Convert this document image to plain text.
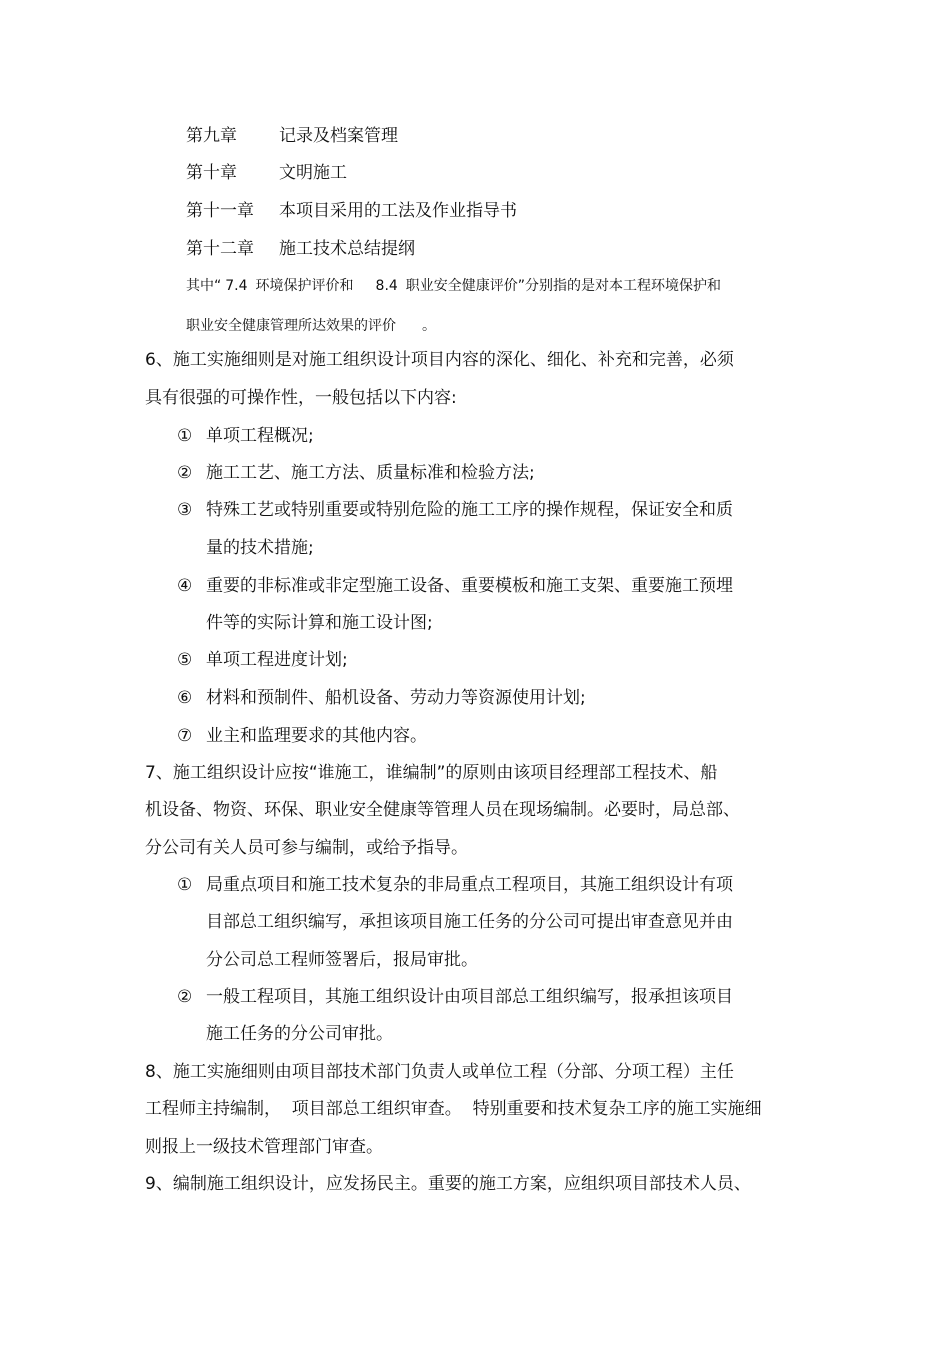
第九章 记录及档案管理
第十章 文明施工
第十一章 本项目采用的工法及作业指导书
第十二章 施工技术总结提纲
其中“ 7.4 环境保护评价和 8.4 职业安全健康评价”分别指的是对本工程环境保护和
职业安全健康管理所达效果的评价 。
6、施工实施细则是对施工组织设计项目内容的深化、细化、补充和完善，必须
具有很强的可操作性，一般包括以下内容:
① 单项工程概况;
② 施工工艺、施工方法、质量标准和检验方法;
③ 特殊工艺或特别重要或特别危险的施工工序的操作规程，保证安全和质
量的技术措施;
④ 重要的非标准或非定型施工设备、重要模板和施工支架、重要施工预埋
件等的实际计算和施工设计图;
⑤ 单项工程进度计划;
⑥ 材料和预制件、船机设备、劳动力等资源使用计划;
⑦ 业主和监理要求的其他内容。
7、施工组织设计应按“谁施工，谁编制”的原则由该项目经理部工程技术、船
机设备、物资、环保、职业安全健康等管理人员在现场编制。必要时，局总部、
分公司有关人员可参与编制，或给予指导。
① 局重点项目和施工技术复杂的非局重点工程项目，其施工组织设计有项
目部总工组织编写，承担该项目施工任务的分公司可提出审查意见并由
分公司总工程师签署后，报局审批。
② 一般工程项目，其施工组织设计由项目部总工组织编写，报承担该项目
施工任务的分公司审批。
8、施工实施细则由项目部技术部门负责人或单位工程（分部、分项工程）主任
工程师主持编制，  项目部总工组织审查。  特别重要和技术复杂工序的施工实施细
则报上一级技术管理部门审查。
9、编制施工组织设计，应发扬民主。重要的施工方案，应组织项目部技术人员、
